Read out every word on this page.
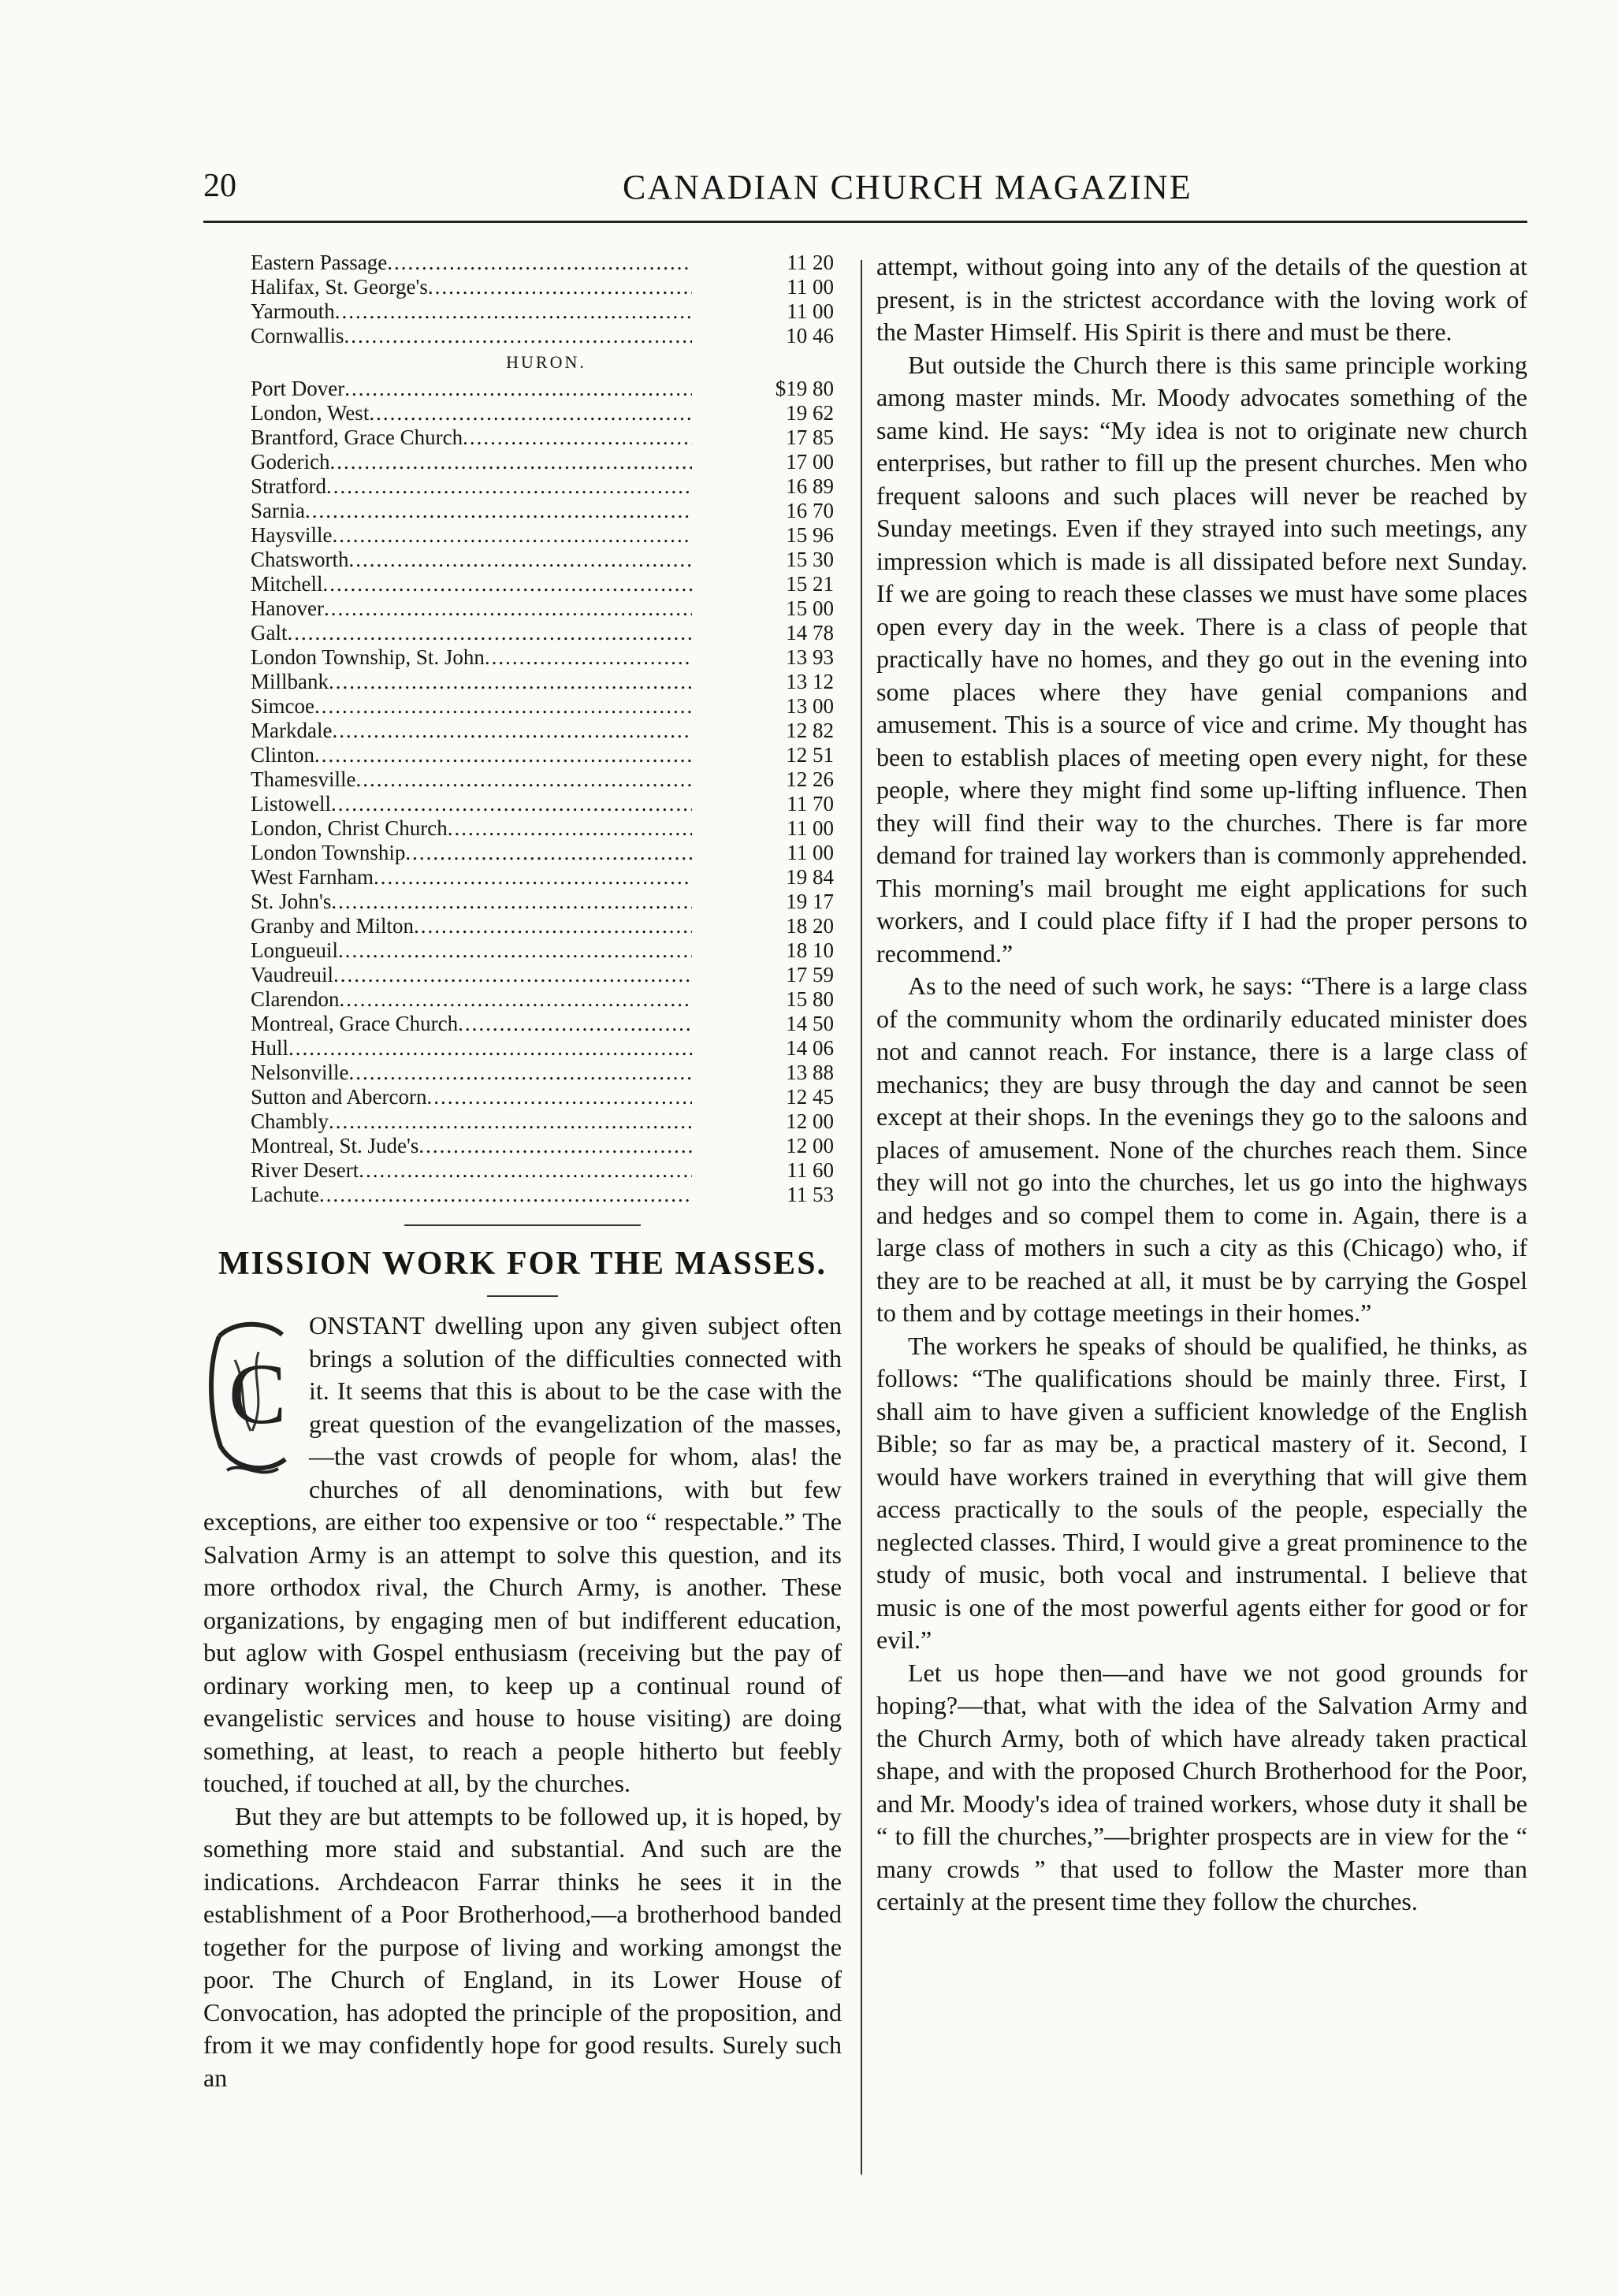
20	CANADIAN CHURCH MAGAZINE
Eastern Passage .....	11 20
Halifax, St. George's .....	11 00
Yarmouth .....	11 00
Cornwallis .....	10 46
HURON.
Port Dover .....	$19 80
London, West .....	19 62
Brantford, Grace Church .....	17 85
Goderich .....	17 00
Stratford .....	16 89
Sarnia .....	16 70
Haysville .....	15 96
Chatsworth .....	15 30
Mitchell .....	15 21
Hanover .....	15 00
Galt .....	14 78
London Township, St. John .....	13 93
Millbank .....	13 12
Simcoe .....	13 00
Markdale .....	12 82
Clinton .....	12 51
Thamesville .....	12 26
Listowell .....	11 70
London, Christ Church .....	11 00
London Township .....	11 00
West Farnham .....	19 84
St. John's .....	19 17
Granby and Milton .....	18 20
Longueuil .....	18 10
Vaudreuil .....	17 59
Clarendon .....	15 80
Montreal, Grace Church .....	14 50
Hull .....	14 06
Nelsonville .....	13 88
Sutton and Abercorn .....	12 45
Chambly .....	12 00
Montreal, St. Jude's .....	12 00
River Desert .....	11 60
Lachute .....	11 53
MISSION WORK FOR THE MASSES.

C
ONSTANT dwelling upon any given subject often brings a solution of the difficulties connected with it. It seems that this is about to be the case with the great question of the evangelization of the masses,—the vast crowds of people for whom, alas! the churches of all denominations, with but few exceptions, are either too expensive or too “ respectable.” The Salvation Army is an attempt to solve this question, and its more orthodox rival, the Church Army, is another. These organizations, by engaging men of but indifferent education, but aglow with Gospel enthusiasm (receiving but the pay of ordinary working men, to keep up a continual round of evangelistic services and house to house visiting) are doing something, at least, to reach a people hitherto but feebly touched, if touched at all, by the churches.

But they are but attempts to be followed up, it is hoped, by something more staid and substantial. And such are the indications. Archdeacon Farrar thinks he sees it in the establishment of a Poor Brotherhood,—a brotherhood banded together for the purpose of living and working amongst the poor. The Church of England, in its Lower House of Convocation, has adopted the principle of the proposition, and from it we may confidently hope for good results. Surely such an

attempt, without going into any of the details of the question at present, is in the strictest accordance with the loving work of the Master Himself. His Spirit is there and must be there.

But outside the Church there is this same principle working among master minds. Mr. Moody advocates something of the same kind. He says: “My idea is not to originate new church enterprises, but rather to fill up the present churches. Men who frequent saloons and such places will never be reached by Sunday meetings. Even if they strayed into such meetings, any impression which is made is all dissipated before next Sunday. If we are going to reach these classes we must have some places open every day in the week. There is a class of people that practically have no homes, and they go out in the evening into some places where they have genial companions and amusement. This is a source of vice and crime. My thought has been to establish places of meeting open every night, for these people, where they might find some up-lifting influence. Then they will find their way to the churches. There is far more demand for trained lay workers than is commonly apprehended. This morning's mail brought me eight applications for such workers, and I could place fifty if I had the proper persons to recommend.”

As to the need of such work, he says: “There is a large class of the community whom the ordinarily educated minister does not and cannot reach. For instance, there is a large class of mechanics; they are busy through the day and cannot be seen except at their shops. In the evenings they go to the saloons and places of amusement. None of the churches reach them. Since they will not go into the churches, let us go into the highways and hedges and so compel them to come in. Again, there is a large class of mothers in such a city as this (Chicago) who, if they are to be reached at all, it must be by carrying the Gospel to them and by cottage meetings in their homes.”

The workers he speaks of should be qualified, he thinks, as follows: “The qualifications should be mainly three. First, I shall aim to have given a sufficient knowledge of the English Bible; so far as may be, a practical mastery of it. Second, I would have workers trained in everything that will give them access practically to the souls of the people, especially the neglected classes. Third, I would give a great prominence to the study of music, both vocal and instrumental. I believe that music is one of the most powerful agents either for good or for evil.”

Let us hope then—and have we not good grounds for hoping?—that, what with the idea of the Salvation Army and the Church Army, both of which have already taken practical shape, and with the proposed Church Brotherhood for the Poor, and Mr. Moody's idea of trained workers, whose duty it shall be “ to fill the churches,”—brighter prospects are in view for the “ many crowds ” that used to follow the Master more than certainly at the present time they follow the churches.
